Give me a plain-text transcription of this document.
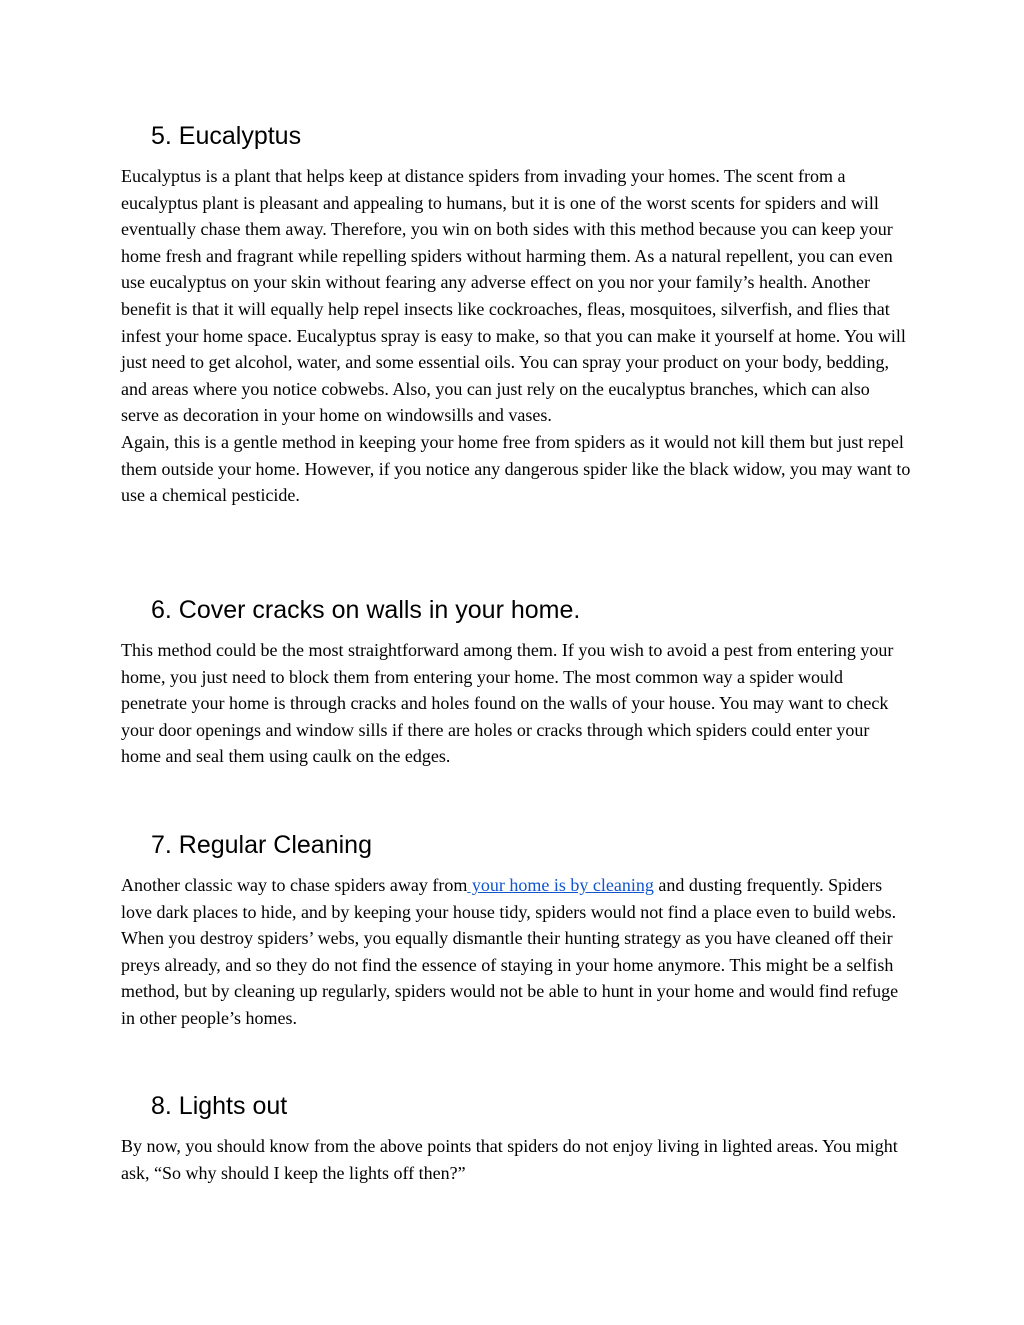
5. Eucalyptus

Eucalyptus is a plant that helps keep at distance spiders from invading your homes. The scent from a eucalyptus plant is pleasant and appealing to humans, but it is one of the worst scents for spiders and will eventually chase them away. Therefore, you win on both sides with this method because you can keep your home fresh and fragrant while repelling spiders without harming them. As a natural repellent, you can even use eucalyptus on your skin without fearing any adverse effect on you nor your family’s health. Another benefit is that it will equally help repel insects like cockroaches, fleas, mosquitoes, silverfish, and flies that infest your home space. Eucalyptus spray is easy to make, so that you can make it yourself at home. You will just need to get alcohol, water, and some essential oils. You can spray your product on your body, bedding, and areas where you notice cobwebs. Also, you can just rely on the eucalyptus branches, which can also serve as decoration in your home on windowsills and vases.

Again, this is a gentle method in keeping your home free from spiders as it would not kill them but just repel them outside your home. However, if you notice any dangerous spider like the black widow, you may want to use a chemical pesticide.

6. Cover cracks on walls in your home.

This method could be the most straightforward among them. If you wish to avoid a pest from entering your home, you just need to block them from entering your home. The most common way a spider would penetrate your home is through cracks and holes found on the walls of your house. You may want to check your door openings and window sills if there are holes or cracks through which spiders could enter your home and seal them using caulk on the edges.

7. Regular Cleaning

Another classic way to chase spiders away from your home is by cleaning and dusting frequently. Spiders love dark places to hide, and by keeping your house tidy, spiders would not find a place even to build webs. When you destroy spiders’ webs, you equally dismantle their hunting strategy as you have cleaned off their preys already, and so they do not find the essence of staying in your home anymore. This might be a selfish method, but by cleaning up regularly, spiders would not be able to hunt in your home and would find refuge in other people’s homes.

8. Lights out

By now, you should know from the above points that spiders do not enjoy living in lighted areas. You might ask, “So why should I keep the lights off then?”
